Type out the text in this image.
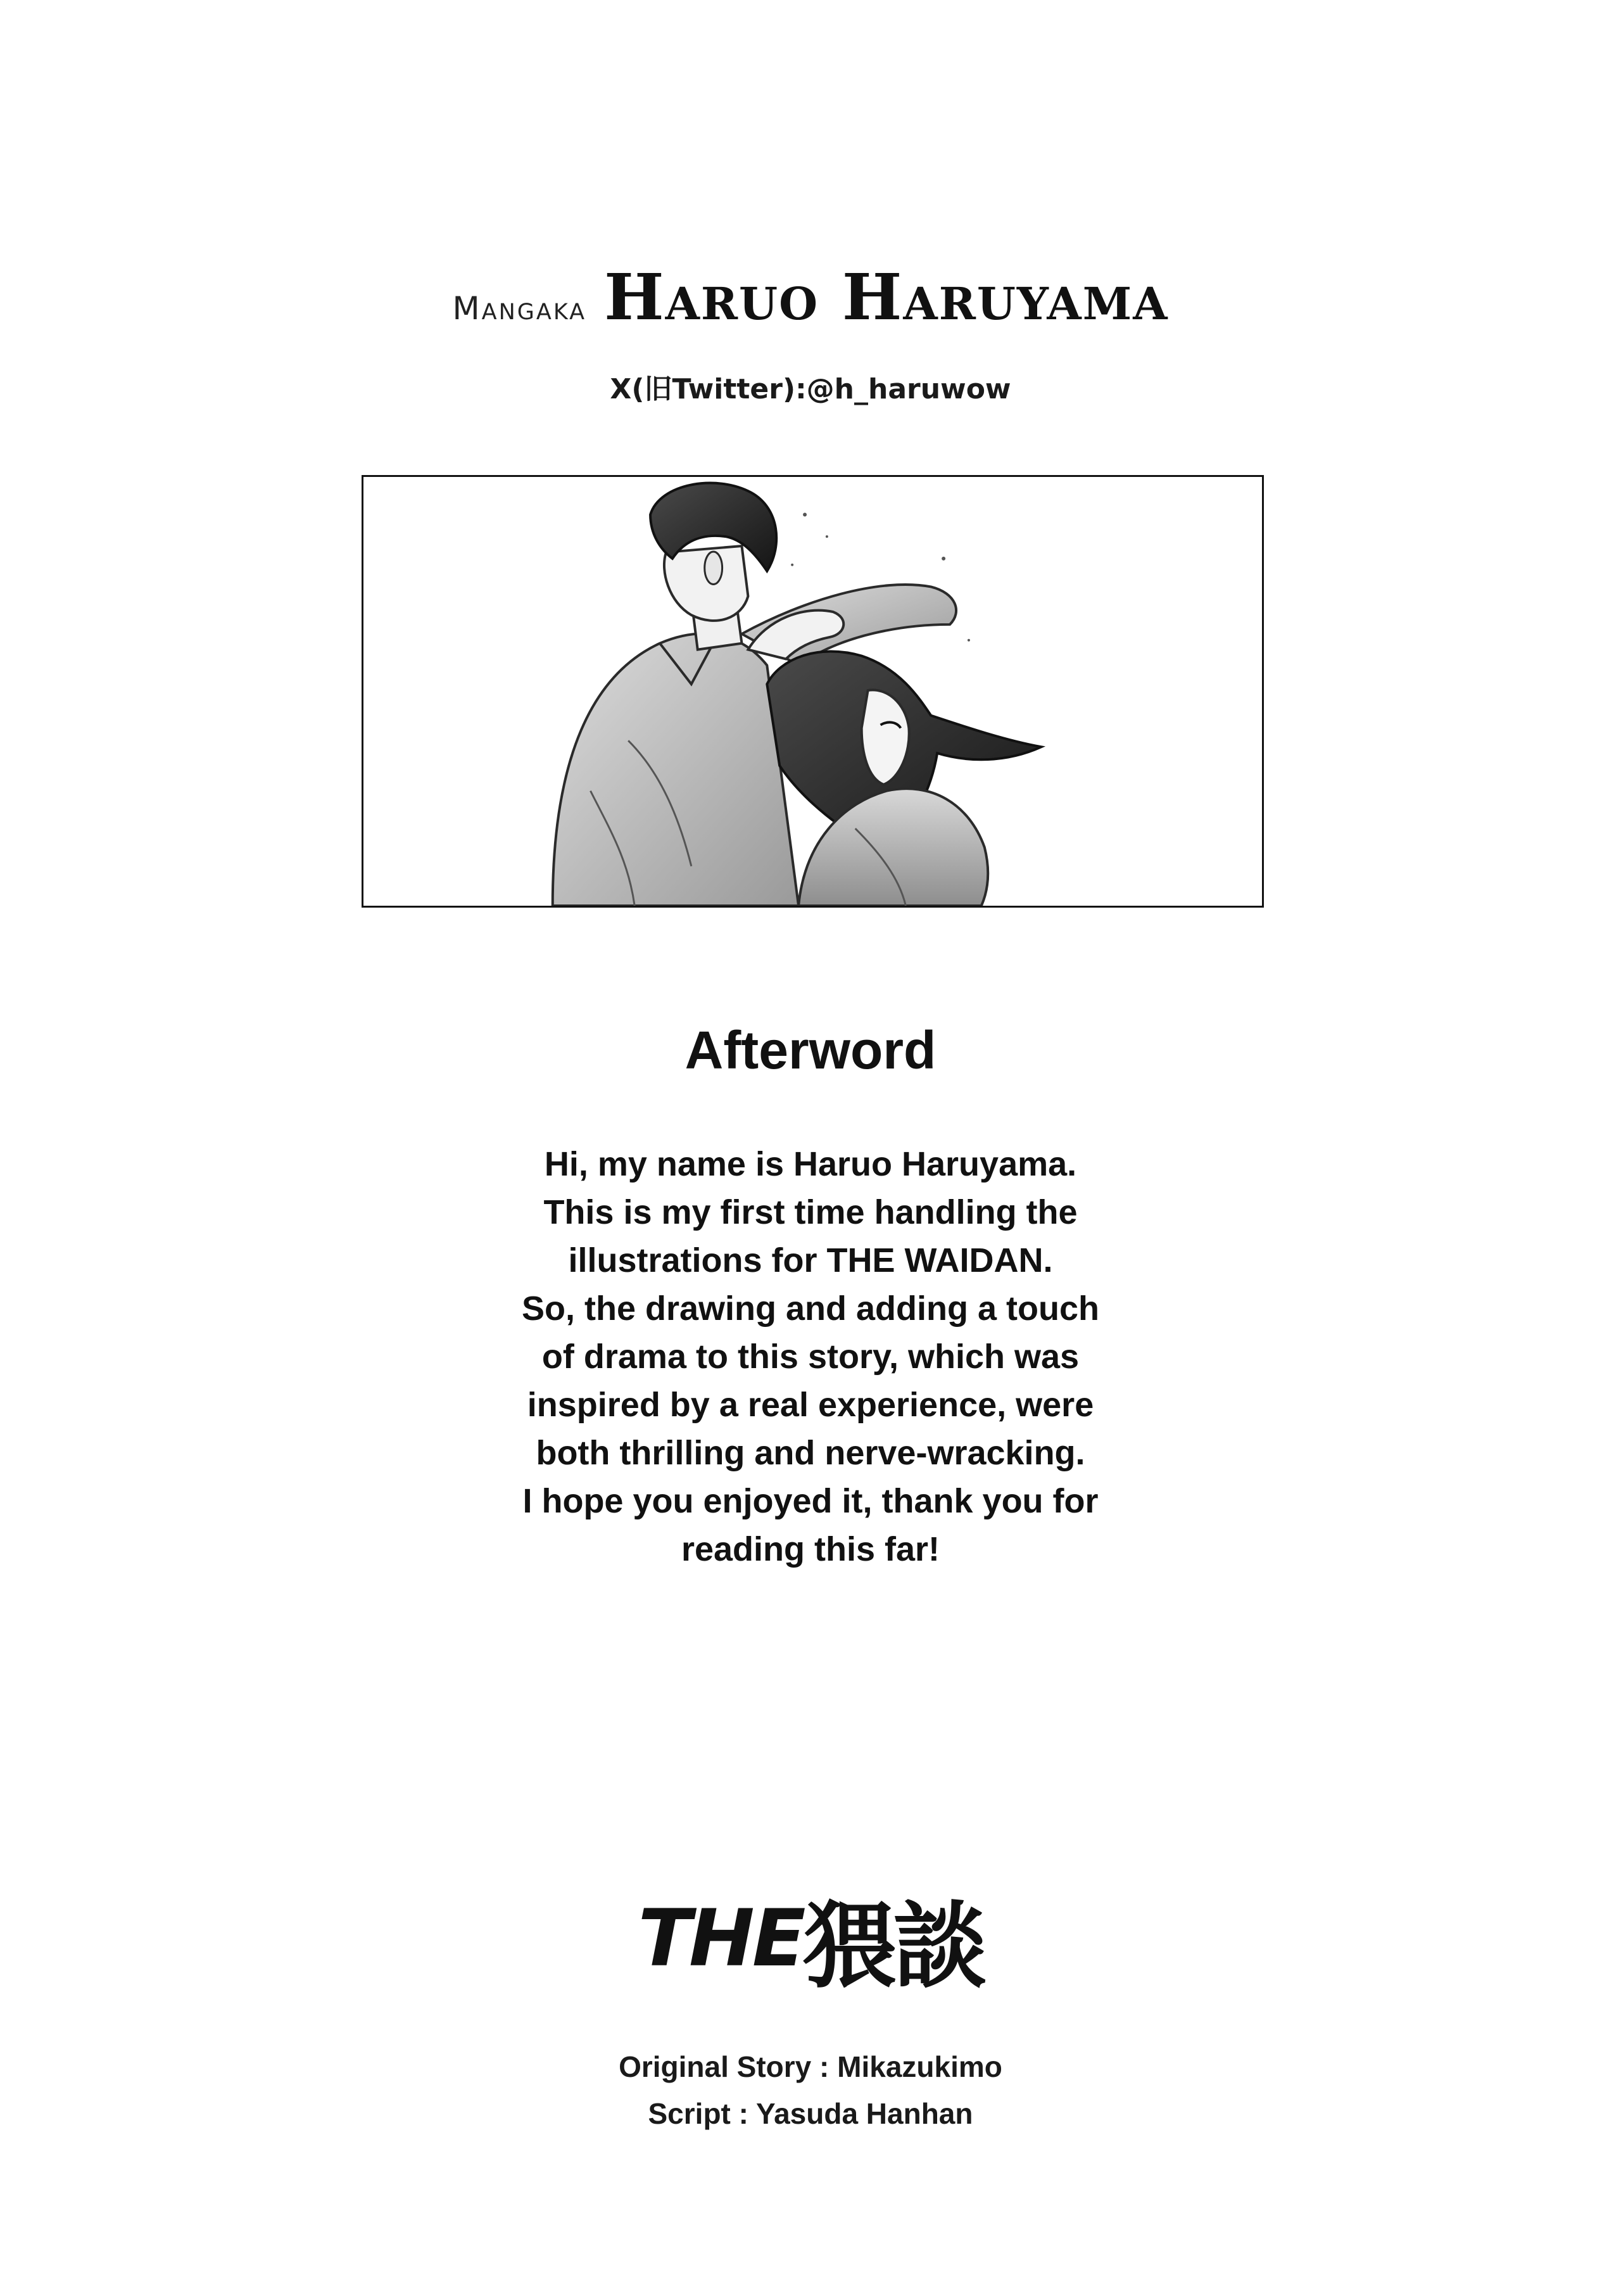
Mangaka Haruo Haruyama
X(旧Twitter):@h_haruwow
Afterword

Hi, my name is Haruo Haruyama.
This is my first time handling the
illustrations for THE WAIDAN.
So, the drawing and adding a touch
of drama to this story, which was
inspired by a real experience, were
both thrilling and nerve-wracking.
I hope you enjoyed it, thank you for
reading this far!

THE猥談
Original Story : Mikazukimo
Script : Yasuda Hanhan
